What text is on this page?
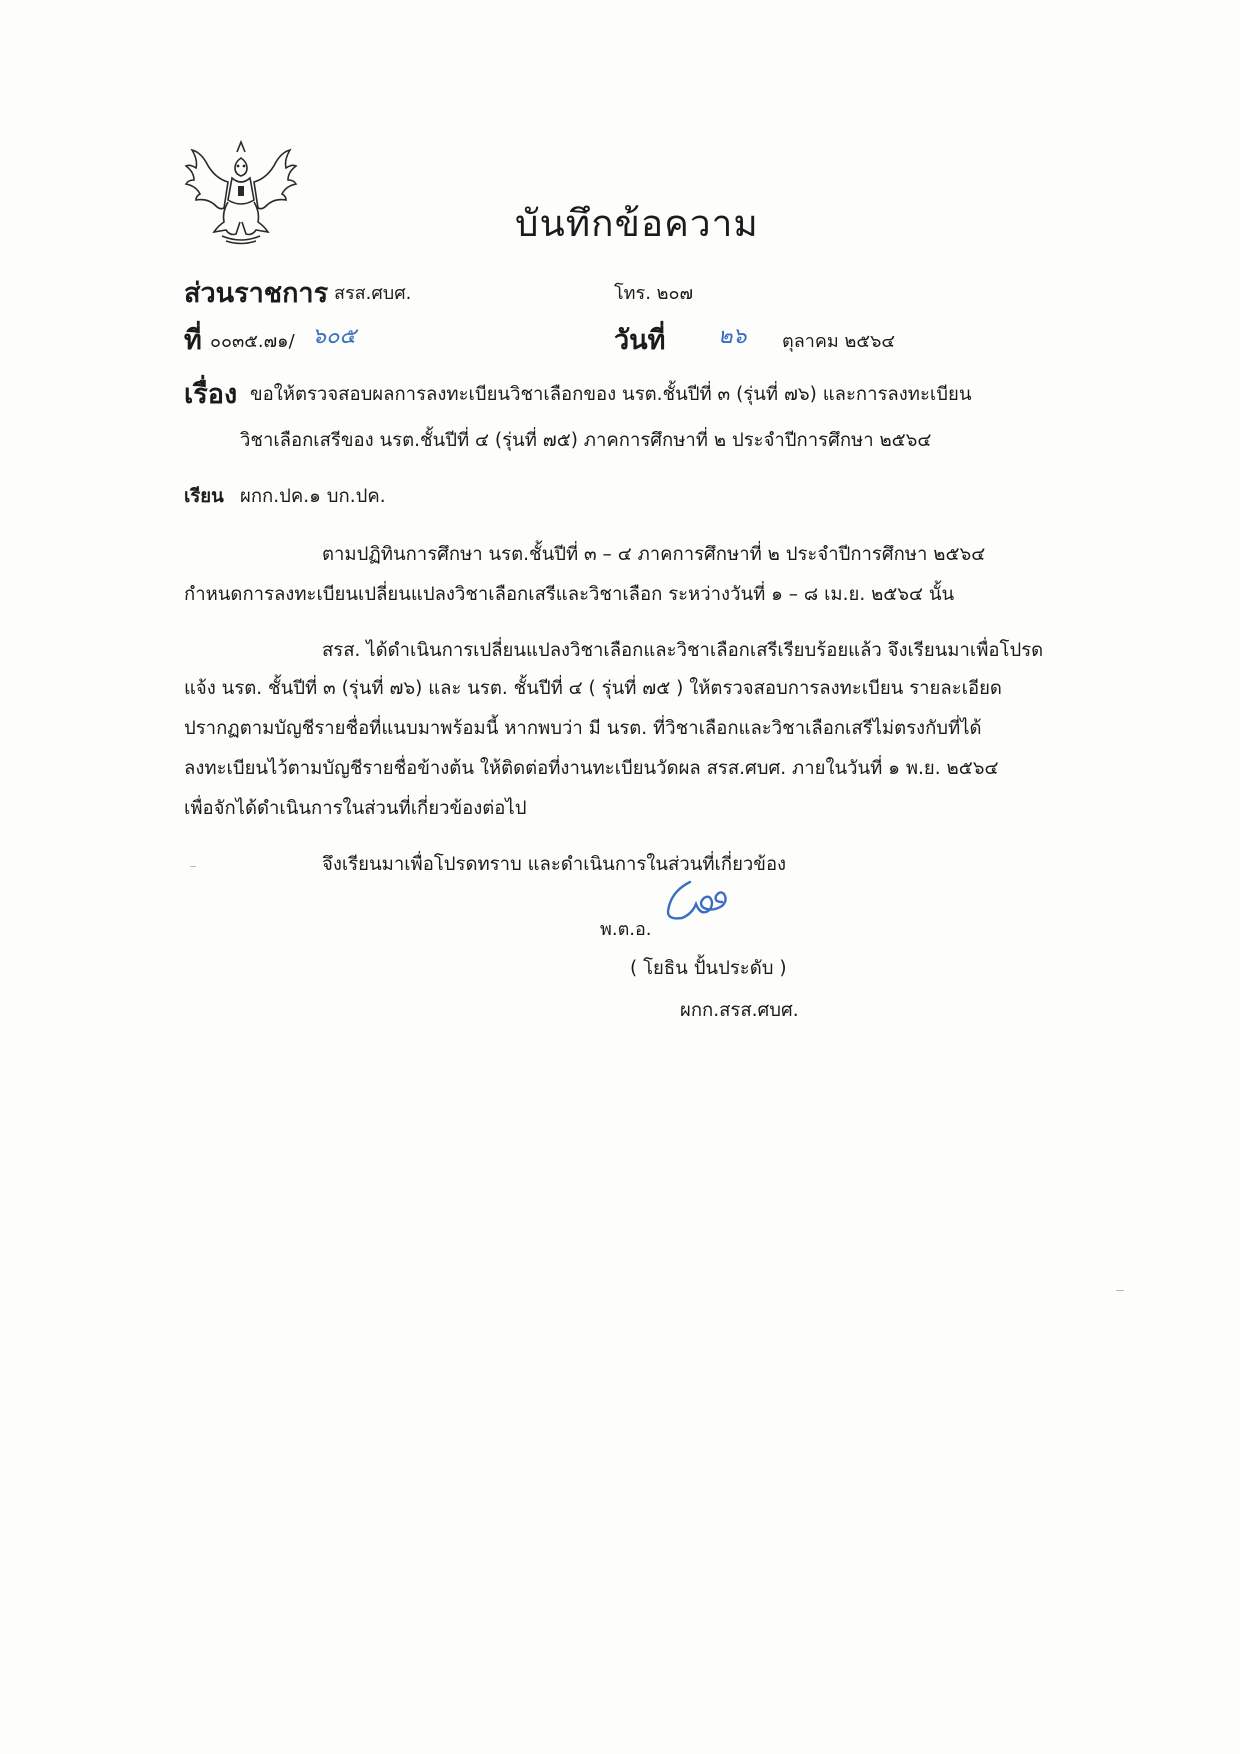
บันทึกข้อความ
ส่วนราชการ สรส.ศบศ.	โทร. ๒๐๗
ที่ ๐๐๓๕.๗๑/ ๖๐๕	วันที่ ๒๖ ตุลาคม ๒๕๖๔
เรื่อง ขอให้ตรวจสอบผลการลงทะเบียนวิชาเลือกของ นรต.ชั้นปีที่ ๓ (รุ่นที่ ๗๖) และการลงทะเบียน
วิชาเลือกเสรีของ นรต.ชั้นปีที่ ๔ (รุ่นที่ ๗๕) ภาคการศึกษาที่ ๒ ประจำปีการศึกษา ๒๕๖๔
เรียน ผกก.ปค.๑ บก.ปค.
ตามปฏิทินการศึกษา นรต.ชั้นปีที่ ๓ – ๔ ภาคการศึกษาที่ ๒ ประจำปีการศึกษา ๒๕๖๔
กำหนดการลงทะเบียนเปลี่ยนแปลงวิชาเลือกเสรีและวิชาเลือก ระหว่างวันที่ ๑ – ๘ เม.ย. ๒๕๖๔ นั้น
สรส. ได้ดำเนินการเปลี่ยนแปลงวิชาเลือกและวิชาเลือกเสรีเรียบร้อยแล้ว จึงเรียนมาเพื่อโปรด
แจ้ง นรต. ชั้นปีที่ ๓ (รุ่นที่ ๗๖) และ นรต. ชั้นปีที่ ๔ ( รุ่นที่ ๗๕ ) ให้ตรวจสอบการลงทะเบียน รายละเอียด
ปรากฏตามบัญชีรายชื่อที่แนบมาพร้อมนี้ หากพบว่า มี นรต. ที่วิชาเลือกและวิชาเลือกเสรีไม่ตรงกับที่ได้
ลงทะเบียนไว้ตามบัญชีรายชื่อข้างต้น ให้ติดต่อที่งานทะเบียนวัดผล สรส.ศบศ. ภายในวันที่ ๑ พ.ย. ๒๕๖๔
เพื่อจักได้ดำเนินการในส่วนที่เกี่ยวข้องต่อไป
จึงเรียนมาเพื่อโปรดทราบ และดำเนินการในส่วนที่เกี่ยวข้อง
พ.ต.อ.
( โยธิน ปั้นประดับ )
ผกก.สรส.ศบศ.
